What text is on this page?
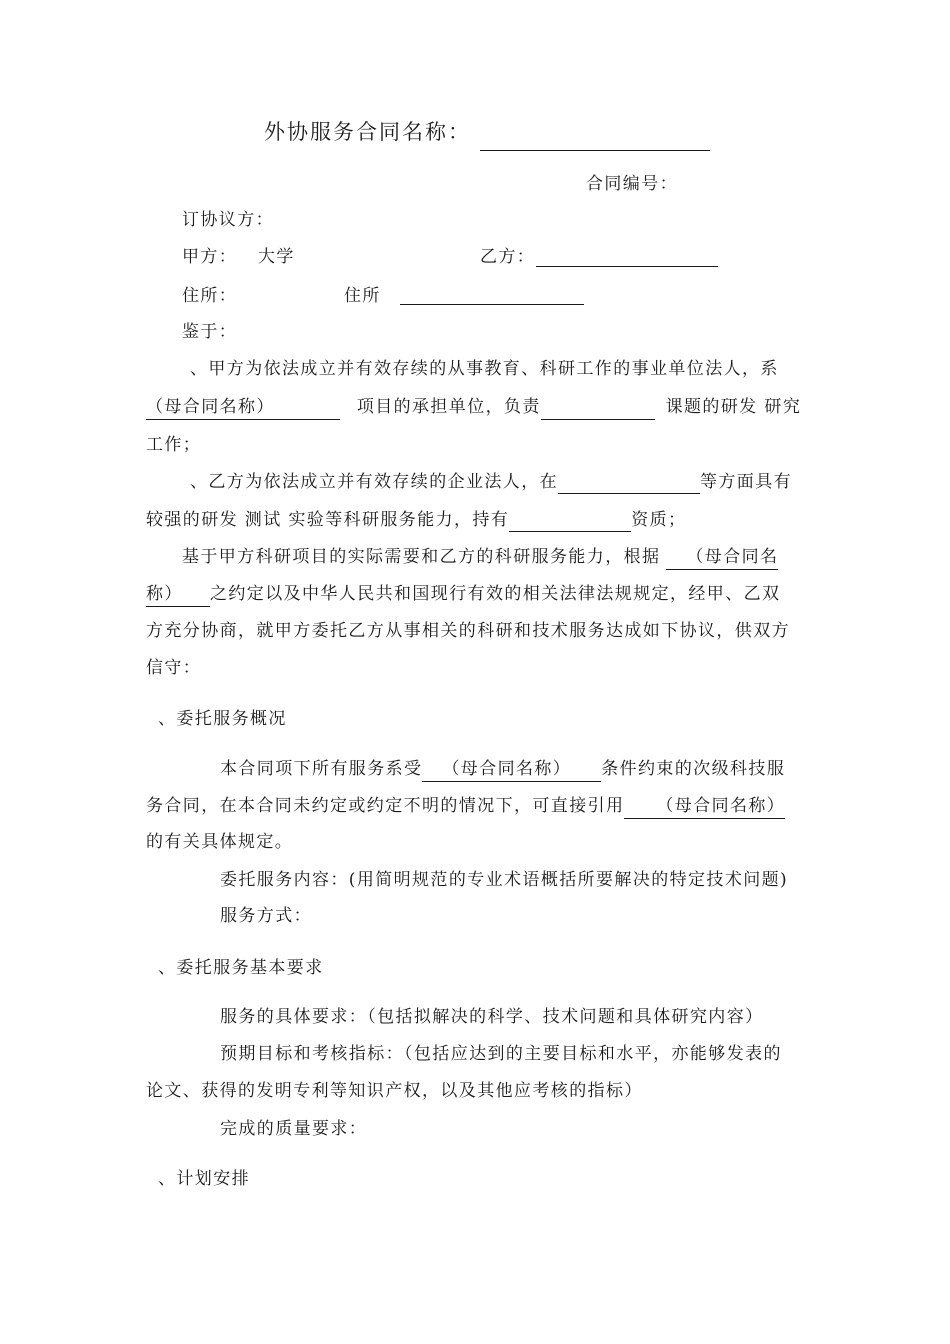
外协服务合同名称：
合同编号：
订协议方：
甲方： 大学	乙方：
住所：	住所
鉴于：
、甲方为依法成立并有效存续的从事教育、科研工作的事业单位法人，系
（母合同名称）	项目的承担单位，负责	课题的研发 研究
工作；
、乙方为依法成立并有效存续的企业法人，在	等方面具有
较强的研发 测试 实验等科研服务能力，持有	资质；
基于甲方科研项目的实际需要和乙方的科研服务能力，根据 （母合同名
称） 之约定以及中华人民共和国现行有效的相关法律法规规定，经甲、乙双
方充分协商，就甲方委托乙方从事相关的科研和技术服务达成如下协议，供双方
信守：
、委托服务概况
本合同项下所有服务系受 （母合同名称） 条件约束的次级科技服
务合同，在本合同未约定或约定不明的情况下，可直接引用 （母合同名称）
的有关具体规定。
委托服务内容：(用简明规范的专业术语概括所要解决的特定技术问题)
服务方式：
、委托服务基本要求
服务的具体要求：（包括拟解决的科学、技术问题和具体研究内容）
预期目标和考核指标：（包括应达到的主要目标和水平，亦能够发表的
论文、获得的发明专利等知识产权，以及其他应考核的指标）
完成的质量要求：
、计划安排
